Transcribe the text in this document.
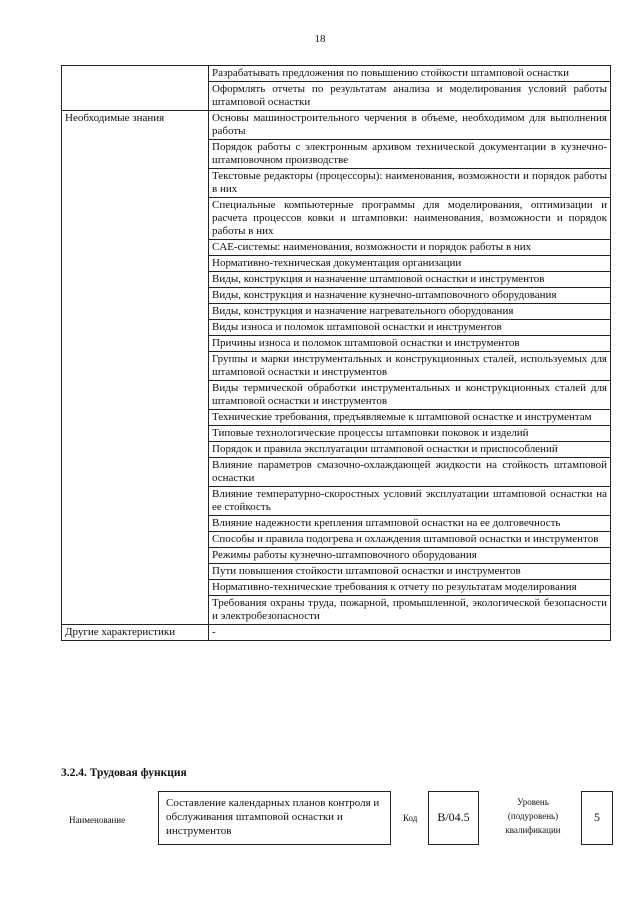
18
	Разрабатывать предложения по повышению стойкости штамповой оснастки
	Оформлять отчеты по результатам анализа и моделирования условий работы штамповой оснастки
Необходимые знания	Основы машиностроительного черчения в объеме, необходимом для выполнения работы
	Порядок работы с электронным архивом технической документации в кузнечно-штамповочном производстве
	Текстовые редакторы (процессоры): наименования, возможности и порядок работы в них
	Специальные компьютерные программы для моделирования, оптимизации и расчета процессов ковки и штамповки: наименования, возможности и порядок работы в них
	CAE-системы: наименования, возможности и порядок работы в них
	Нормативно-техническая документация организации
	Виды, конструкция и назначение штамповой оснастки и инструментов
	Виды, конструкция и назначение кузнечно-штамповочного оборудования
	Виды, конструкция и назначение нагревательного оборудования
	Виды износа и поломок штамповой оснастки и инструментов
	Причины износа и поломок штамповой оснастки и инструментов
	Группы и марки инструментальных и конструкционных сталей, используемых для штамповой оснастки и инструментов
	Виды термической обработки инструментальных и конструкционных сталей для штамповой оснастки и инструментов
	Технические требования, предъявляемые к штамповой оснастке и инструментам
	Типовые технологические процессы штамповки поковок и изделий
	Порядок и правила эксплуатации штамповой оснастки и приспособлений
	Влияние параметров смазочно-охлаждающей жидкости на стойкость штамповой оснастки
	Влияние температурно-скоростных условий эксплуатации штамповой оснастки на ее стойкость
	Влияние надежности крепления штамповой оснастки на ее долговечность
	Способы и правила подогрева и охлаждения штамповой оснастки и инструментов
	Режимы работы кузнечно-штамповочного оборудования
	Пути повышения стойкости штамповой оснастки и инструментов
	Нормативно-технические требования к отчету по результатам моделирования
	Требования охраны труда, пожарной, промышленной, экологической безопасности и электробезопасности
Другие характеристики	-
3.2.4. Трудовая функция
Наименование
Составление календарных планов контроля и обслуживания штамповой оснастки и инструментов
Код	B/04.5
Уровень (подуровень) квалификации
5
